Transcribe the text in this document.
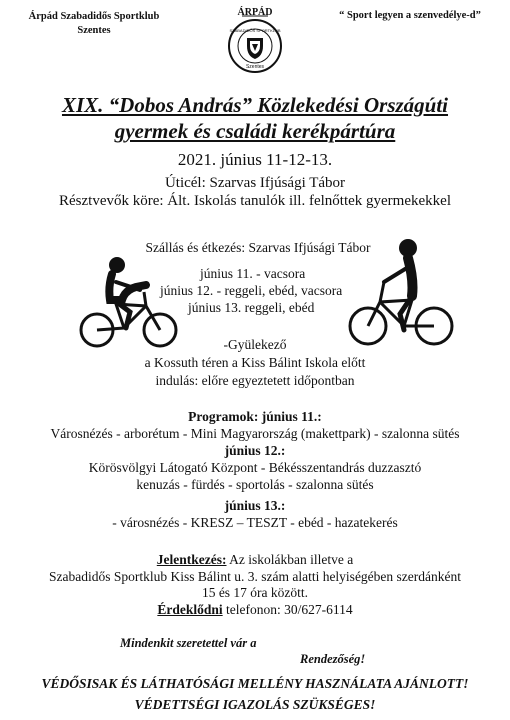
Árpád Szabadidős Sportklub
Szentes
ÁRPÁD
SZABADIDŐS SPORTKLUB
Szentes
“ Sport legyen a szenvedélye-d”
XIX. “Dobos András” Közlekedési Országúti
gyermek és családi kerékpártúra
2021. június 11-12-13.
Úticél: Szarvas Ifjúsági Tábor
Résztvevők köre: Ált. Iskolás tanulók ill. felnőttek gyermekekkel
Szállás és étkezés: Szarvas Ifjúsági Tábor
június 11. - vacsora
június 12. - reggeli, ebéd, vacsora
június 13. reggeli, ebéd
-Gyülekező
a Kossuth téren a Kiss Bálint Iskola előtt
indulás: előre egyeztetett időpontban
Programok: június 11.:
Városnézés - arborétum - Mini Magyarország (makettpark) - szalonna sütés
június 12.:
Körösvölgyi Látogató Központ - Békésszentandrás duzzasztó
kenuzás - fürdés - sportolás - szalonna sütés
június 13.:
- városnézés - KRESZ – TESZT - ebéd - hazatekerés
Jelentkezés: Az iskolákban illetve a
Szabadidős Sportklub Kiss Bálint u. 3. szám alatti helyiségében szerdánként
15 és 17 óra között.
Érdeklődni telefonon: 30/627-6114
Mindenkit szeretettel vár a
Rendezőség!
VÉDŐSISAK ÉS LÁTHATÓSÁGI MELLÉNY HASZNÁLATA AJÁNLOTT!
VÉDETTSÉGI IGAZOLÁS SZÜKSÉGES!
